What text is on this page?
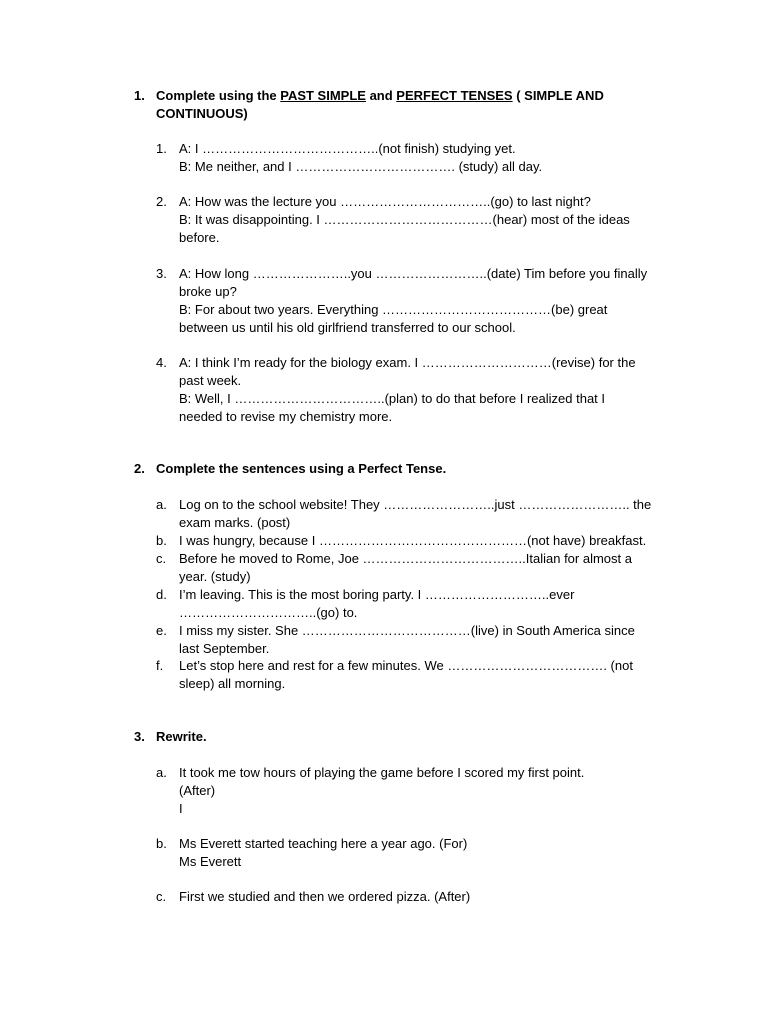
1. Complete using the PAST SIMPLE and PERFECT TENSES ( SIMPLE AND CONTINUOUS)
1. A: I …………………………………..(not finish) studying yet.
B: Me neither, and I ………………………………. (study) all day.
2. A: How was the lecture you ……………………………..(go) to last night?
B: It was disappointing. I …………………………………(hear) most of the ideas
before.
3. A: How long …………………..you ……………………..(date) Tim before you finally
broke up?
B: For about two years. Everything …………………………………(be) great
between us until his old girlfriend transferred to our school.
4. A: I think I’m ready for the biology exam. I …………………………(revise) for the
past week.
B: Well, I ……………………………..(plan) to do that before I realized that I
needed to revise my chemistry more.
2. Complete the sentences using a Perfect Tense.
a. Log on to the school website! They ……………………..just …………………….. the
exam marks. (post)
b. I was hungry, because I …………………………………………(not have) breakfast.
c. Before he moved to Rome, Joe ………………………………..Italian for almost a
year. (study)
d. I’m leaving. This is the most boring party. I ………………………..ever
…………………………..(go) to.
e. I miss my sister. She …………………………………(live) in South America since
last September.
f. Let’s stop here and rest for a few minutes. We ………………………………. (not
sleep) all morning.
3. Rewrite.
a. It took me tow hours of playing the game before I scored my first point.
(After)
I
b. Ms Everett started teaching here a year ago. (For)
Ms Everett
c. First we studied and then we ordered pizza. (After)
